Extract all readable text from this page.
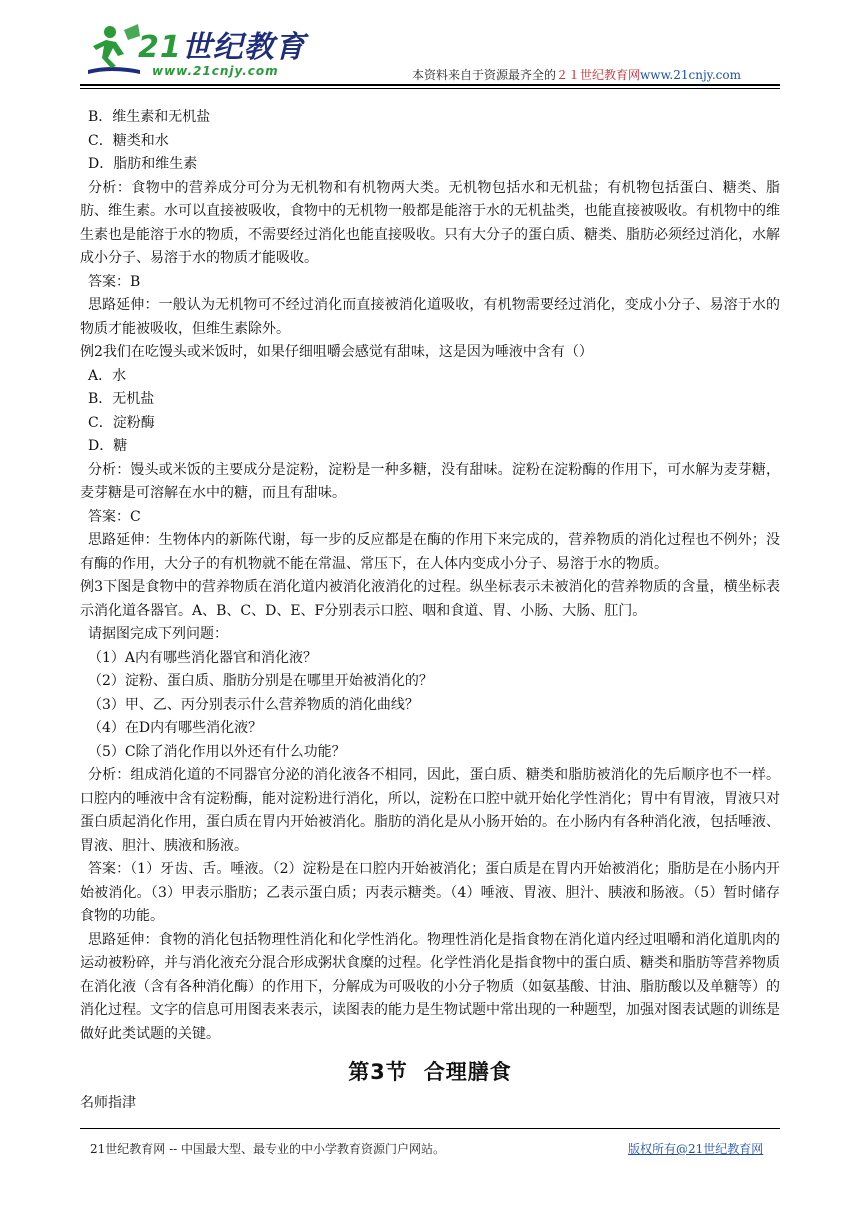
21世纪教育
www.21cnjy.com	本资料来自于资源最齐全的２１世纪教育网www.21cnjy.com

B．维生素和无机盐

C．糖类和水

D．脂肪和维生素

分析：食物中的营养成分可分为无机物和有机物两大类。无机物包括水和无机盐；有机物包括蛋白、糖类、脂肪、维生素。水可以直接被吸收，食物中的无机物一般都是能溶于水的无机盐类，也能直接被吸收。有机物中的维生素也是能溶于水的物质，不需要经过消化也能直接吸收。只有大分子的蛋白质、糖类、脂肪必须经过消化，水解成小分子、易溶于水的物质才能吸收。

答案：B

思路延伸：一般认为无机物可不经过消化而直接被消化道吸收，有机物需要经过消化，变成小分子、易溶于水的物质才能被吸收，但维生素除外。

例2我们在吃馒头或米饭时，如果仔细咀嚼会感觉有甜味，这是因为唾液中含有（）

A．水

B．无机盐

C．淀粉酶

D．糖

分析：馒头或米饭的主要成分是淀粉，淀粉是一种多糖，没有甜味。淀粉在淀粉酶的作用下，可水解为麦芽糖，麦芽糖是可溶解在水中的糖，而且有甜味。

答案：C

思路延伸：生物体内的新陈代谢，每一步的反应都是在酶的作用下来完成的，营养物质的消化过程也不例外；没有酶的作用，大分子的有机物就不能在常温、常压下，在人体内变成小分子、易溶于水的物质。

例3下图是食物中的营养物质在消化道内被消化液消化的过程。纵坐标表示未被消化的营养物质的含量，横坐标表示消化道各器官。A、B、C、D、E、F分别表示口腔、咽和食道、胃、小肠、大肠、肛门。

请据图完成下列问题：

（1）A内有哪些消化器官和消化液？

（2）淀粉、蛋白质、脂肪分别是在哪里开始被消化的？

（3）甲、乙、丙分别表示什么营养物质的消化曲线？

（4）在D内有哪些消化液？

（5）C除了消化作用以外还有什么功能？

分析：组成消化道的不同器官分泌的消化液各不相同，因此，蛋白质、糖类和脂肪被消化的先后顺序也不一样。口腔内的唾液中含有淀粉酶，能对淀粉进行消化，所以，淀粉在口腔中就开始化学性消化；胃中有胃液，胃液只对蛋白质起消化作用，蛋白质在胃内开始被消化。脂肪的消化是从小肠开始的。在小肠内有各种消化液，包括唾液、胃液、胆汁、胰液和肠液。

答案：（1）牙齿、舌。唾液。（2）淀粉是在口腔内开始被消化；蛋白质是在胃内开始被消化；脂肪是在小肠内开始被消化。（3）甲表示脂肪；乙表示蛋白质；丙表示糖类。（4）唾液、胃液、胆汁、胰液和肠液。（5）暂时储存食物的功能。

思路延伸：食物的消化包括物理性消化和化学性消化。物理性消化是指食物在消化道内经过咀嚼和消化道肌肉的运动被粉碎，并与消化液充分混合形成粥状食糜的过程。化学性消化是指食物中的蛋白质、糖类和脂肪等营养物质在消化液（含有各种消化酶）的作用下，分解成为可吸收的小分子物质（如氨基酸、甘油、脂肪酸以及单糖等）的消化过程。文字的信息可用图表来表示，读图表的能力是生物试题中常出现的一种题型，加强对图表试题的训练是做好此类试题的关键。

第3节 合理膳食

名师指津

21世纪教育网 -- 中国最大型、最专业的中小学教育资源门户网站。	版权所有@21世纪教育网
